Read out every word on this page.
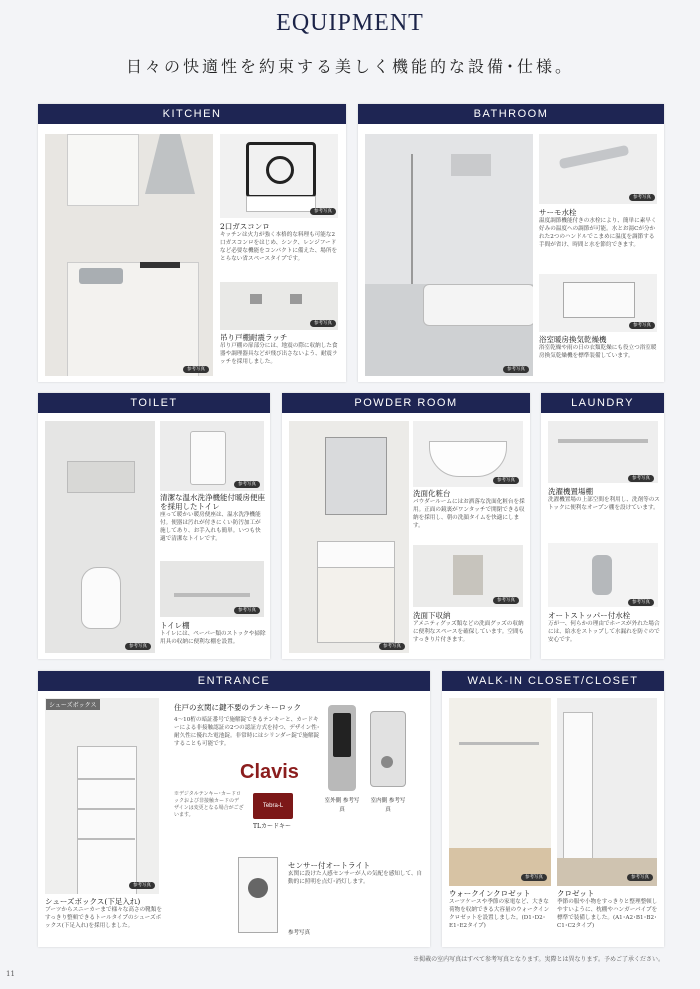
EQUIPMENT
日々の快適性を約束する美しく機能的な設備･仕様。
KITCHEN
参考写真
参考写真
2口ガスコンロ
キッチンは火力が強く本格的な料理も可能な2口ガスコンロをはじめ、シンク、レンジフードなど必要な機能をコンパクトに備えた、場所をとらない省スペースタイプです。
参考写真
吊り戸棚耐震ラッチ
吊り戸棚の扉部分には、地震の際に収納した食器や調理器具などが飛び出さないよう、耐震ラッチを採用しました。
BATHROOM
参考写真
参考写真
サーモ水栓
温度調節機能付きの水栓により、簡単に素早く好みの温度への調節が可能。水とお湯Cが分かれた2つのハンドルでこまめに温度を調節する手間が省け、時間と水を節約できます。
参考写真
浴室暖房換気乾燥機
浴室乾燥や雨の日の衣類乾燥にも役立つ浴室暖房換気乾燥機を標準装備しています。
TOILET
参考写真
参考写真
清潔な温水洗浄機能付暖房便座を採用したトイレ
座って暖かい暖房便座は、温水洗浄機能付。便器は汚れが付きにくい防汚加工が施してあり、お手入れも簡単。いつも快適で清潔なトイレです。
参考写真
トイレ棚
トイレには、ペーパー類のストックや掃除用具の収納に便利な棚を設置。
POWDER ROOM
参考写真
参考写真
洗面化粧台
パウダールームにはお洒落な洗面化粧台を採用。正面の鏡裏がワンタッチで開閉できる収納を採用し、朝の洗顔タイムを快適にします。
参考写真
洗面下収納
アメニティグッズ類などの洗面グッズの収納に便利なスペースを確保しています。空間もすっきり片付きます。
LAUNDRY
参考写真
洗濯機置場棚
洗濯機置場の上部空間を利用し、洗剤等のストックに便利なオープン棚を設けています。
参考写真
オートストッパー付水栓
万が一、何らかの理由でホースが外れた場合には、給水をストップして水漏れを防ぐので安心です。
ENTRANCE
参考写真
シューズボックス
シューズボックス(下足入れ)
ブーツからスニーカーまで様々な高さの靴類をすっきり整頓できるトールタイプのシューズボックス(下足入れ)を採用しました。
住戸の玄関に鍵不要のテンキーロック
4～10桁の暗証番号で施解錠できるテンキーと、カードキーによる非接触認証の2つの認証方式を持つ、デザイン性･耐久性に優れた電池錠。非常時にはシリンダー錠で施解錠することも可能です。
Clavis
※デジタルテンキー･カードロックおよび非接触カードのデザインは変更となる場合がございます。
Tebra-L
TLカードキー
室外側 参考写真
室内側 参考写真
センサー付オートライト
玄関に設けた人感センサーが人の気配を感知して、自動的に照明を点灯･消灯します。
参考写真
WALK-IN CLOSET/CLOSET
参考写真	参考写真
ウォークインクロゼット
スーツケースや季節の家電など、大きな荷物を収納できる大容量のウォークインクロゼットを設置しました。(D1･D2･E1･E2タイプ)
クロゼット
季節の服や小物をすっきりと整理整頓しやすいように、枕棚やハンガーパイプを標準で装備しました。(A1･A2･B1･B2･C1･C2タイプ)
※掲載の室内写真はすべて参考写真となります。実際とは異なります。予めご了承ください。
11
